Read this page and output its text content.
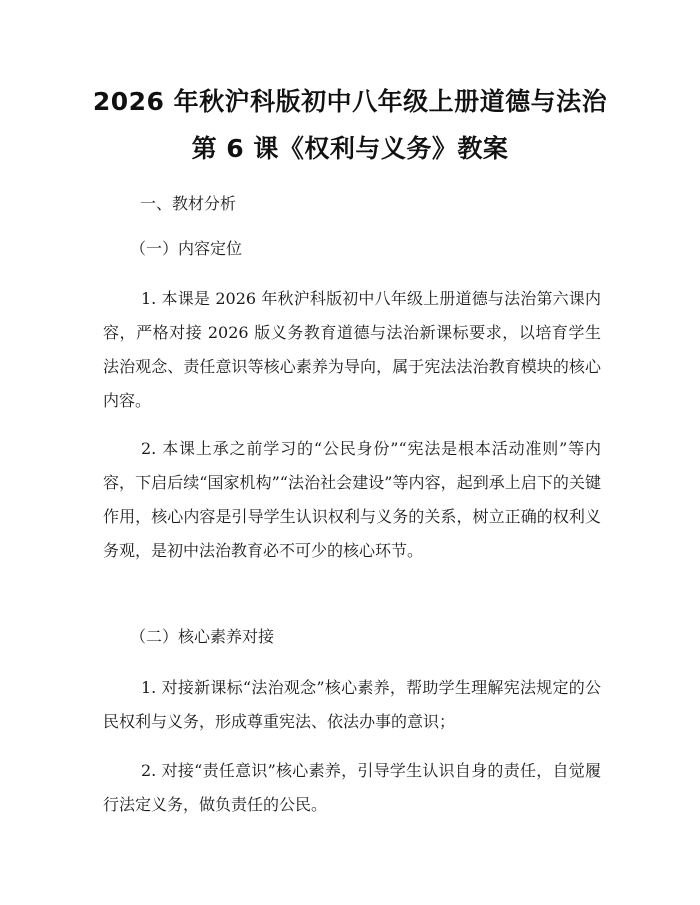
2026 年秋沪科版初中八年级上册道德与法治
第 6 课《权利与义务》教案
一、教材分析
（一）内容定位

1. 本课是 2026 年秋沪科版初中八年级上册道德与法治第六课内容，严格对接 2026 版义务教育道德与法治新课标要求，以培育学生法治观念、责任意识等核心素养为导向，属于宪法法治教育模块的核心内容。

2. 本课上承之前学习的“公民身份”“宪法是根本活动准则”等内容，下启后续“国家机构”“法治社会建设”等内容，起到承上启下的关键作用，核心内容是引导学生认识权利与义务的关系，树立正确的权利义务观，是初中法治教育必不可少的核心环节。

（二）核心素养对接

1. 对接新课标“法治观念”核心素养，帮助学生理解宪法规定的公民权利与义务，形成尊重宪法、依法办事的意识；

2. 对接“责任意识”核心素养，引导学生认识自身的责任，自觉履行法定义务，做负责任的公民。
